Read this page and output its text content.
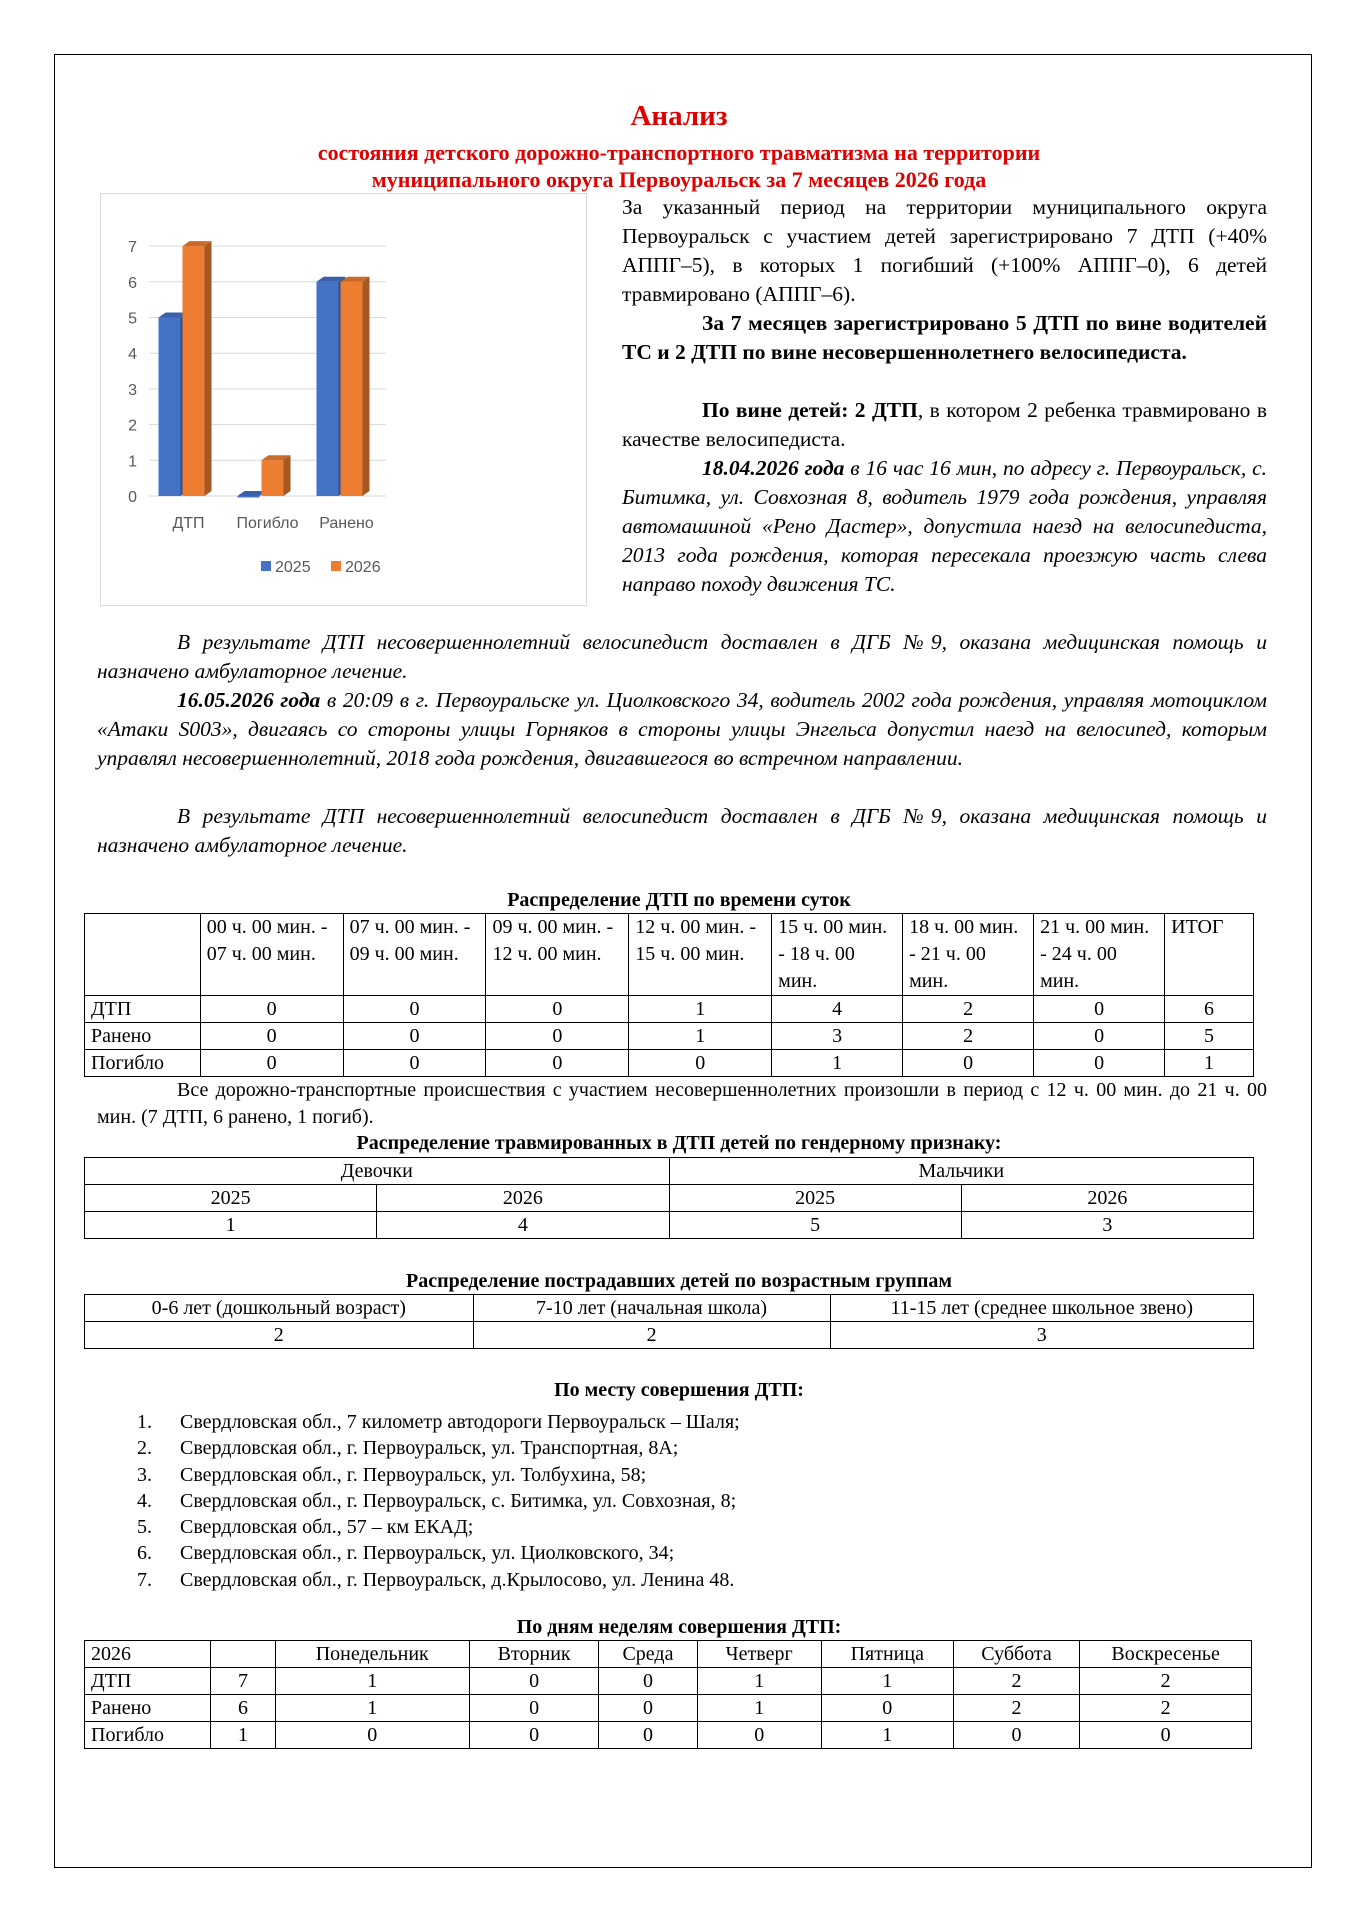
Анализ
состояния детского дорожно-транспортного травматизма на территории
муниципального округа Первоуральск за 7 месяцев 2026 года
0
1
2
3
4
5
6
7
ДТП Погибло Ранено
2025 2026
За указанный период на территории муниципального округа Первоуральск с участием детей зарегистрировано 7 ДТП (+40% АППГ–5), в которых 1 погибший (+100% АППГ–0), 6 детей травмировано (АППГ–6).
За 7 месяцев зарегистрировано 5 ДТП по вине водителей ТС и 2 ДТП по вине несовершеннолетнего велосипедиста.
По вине детей: 2 ДТП, в котором 2 ребенка травмировано в качестве велосипедиста.
18.04.2026 года в 16 час 16 мин, по адресу г. Первоуральск, с. Битимка, ул. Совхозная 8, водитель 1979 года рождения, управляя автомашиной «Рено Дастер», допустила наезд на велосипедиста, 2013 года рождения, которая пересекала проезжую часть слева направо походу движения ТС.
В результате ДТП несовершеннолетний велосипедист доставлен в ДГБ №9, оказана медицинская помощь и назначено амбулаторное лечение.
16.05.2026 года в 20:09 в г. Первоуральске ул. Циолковского 34, водитель 2002 года рождения, управляя мотоциклом «Атаки S003», двигаясь со стороны улицы Горняков в стороны улицы Энгельса допустил наезд на велосипед, которым управлял несовершеннолетний, 2018 года рождения, двигавшегося во встречном направлении.
В результате ДТП несовершеннолетний велосипедист доставлен в ДГБ №9, оказана медицинская помощь и назначено амбулаторное лечение.
Распределение ДТП по времени суток
	00 ч. 00 мин. - 07 ч. 00 мин.	07 ч. 00 мин. - 09 ч. 00 мин.	09 ч. 00 мин. - 12 ч. 00 мин.	12 ч. 00 мин. - 15 ч. 00 мин.	15 ч. 00 мин. - 18 ч. 00 мин.	18 ч. 00 мин. - 21 ч. 00 мин.	21 ч. 00 мин. - 24 ч. 00 мин.	ИТОГ
ДТП	0	0	0	1	4	2	0	6
Ранено	0	0	0	1	3	2	0	5
Погибло	0	0	0	0	1	0	0	1
Все дорожно-транспортные происшествия с участием несовершеннолетних произошли в период с 12 ч. 00 мин. до 21 ч. 00 мин. (7 ДТП, 6 ранено, 1 погиб).
Распределение травмированных в ДТП детей по гендерному признаку:
Девочки		Мальчики	
2025	2026	2025	2026
1	4	5	3
Распределение пострадавших детей по возрастным группам
0-6 лет (дошкольный возраст)	7-10 лет (начальная школа)	11-15 лет (среднее школьное звено)
2	2	3
По месту совершения ДТП:
1. Свердловская обл., 7 километр автодороги Первоуральск – Шаля;
2. Свердловская обл., г. Первоуральск, ул. Транспортная, 8А;
3. Свердловская обл., г. Первоуральск, ул. Толбухина, 58;
4. Свердловская обл., г. Первоуральск, с. Битимка, ул. Совхозная, 8;
5. Свердловская обл., 57 – км ЕКАД;
6. Свердловская обл., г. Первоуральск, ул. Циолковского, 34;
7. Свердловская обл., г. Первоуральск, д.Крылосово, ул. Ленина 48.
По дням неделям совершения ДТП:
2026		Понедельник	Вторник	Среда	Четверг	Пятница	Суббота	Воскресенье
ДТП	7	1	0	0	1	1	2	2
Ранено	6	1	0	0	1	0	2	2
Погибло	1	0	0	0	0	1	0	0
